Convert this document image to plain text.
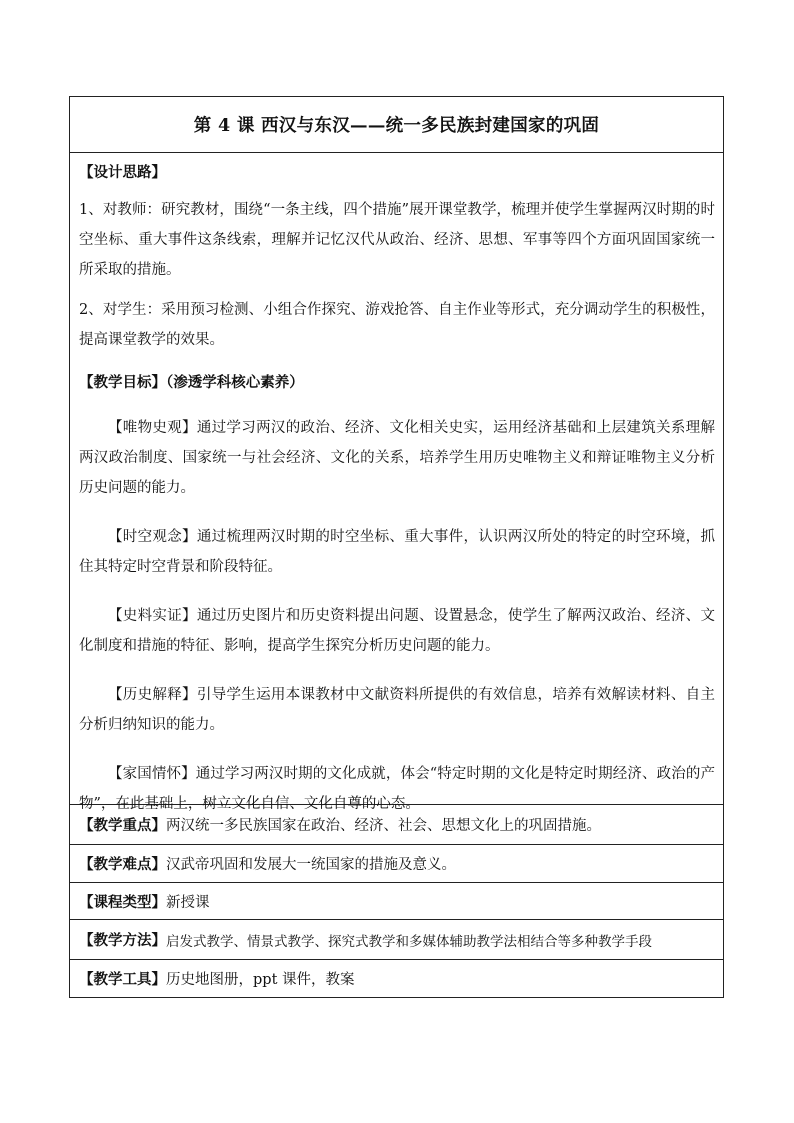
第 4 课 西汉与东汉——统一多民族封建国家的巩固
【设计思路】

1、对教师：研究教材，围绕“一条主线，四个措施”展开课堂教学，梳理并使学生掌握两汉时期的时空坐标、重大事件这条线索，理解并记忆汉代从政治、经济、思想、军事等四个方面巩固国家统一所采取的措施。

2、对学生：采用预习检测、小组合作探究、游戏抢答、自主作业等形式，充分调动学生的积极性，提高课堂教学的效果。

【教学目标】（渗透学科核心素养）

【唯物史观】通过学习两汉的政治、经济、文化相关史实，运用经济基础和上层建筑关系理解两汉政治制度、国家统一与社会经济、文化的关系，培养学生用历史唯物主义和辩证唯物主义分析历史问题的能力。

【时空观念】通过梳理两汉时期的时空坐标、重大事件，认识两汉所处的特定的时空环境，抓住其特定时空背景和阶段特征。

【史料实证】通过历史图片和历史资料提出问题、设置悬念，使学生了解两汉政治、经济、文化制度和措施的特征、影响，提高学生探究分析历史问题的能力。

【历史解释】引导学生运用本课教材中文献资料所提供的有效信息，培养有效解读材料、自主分析归纳知识的能力。

【家国情怀】通过学习两汉时期的文化成就，体会“特定时期的文化是特定时期经济、政治的产物”，在此基础上，树立文化自信、文化自尊的心态。

【教学重点】 两汉统一多民族国家在政治、经济、社会、思想文化上的巩固措施。
【教学难点】 汉武帝巩固和发展大一统国家的措施及意义。
【课程类型】 新授课
【教学方法】 启发式教学、情景式教学、探究式教学和多媒体辅助教学法相结合等多种教学手段
【教学工具】 历史地图册，ppt 课件，教案
